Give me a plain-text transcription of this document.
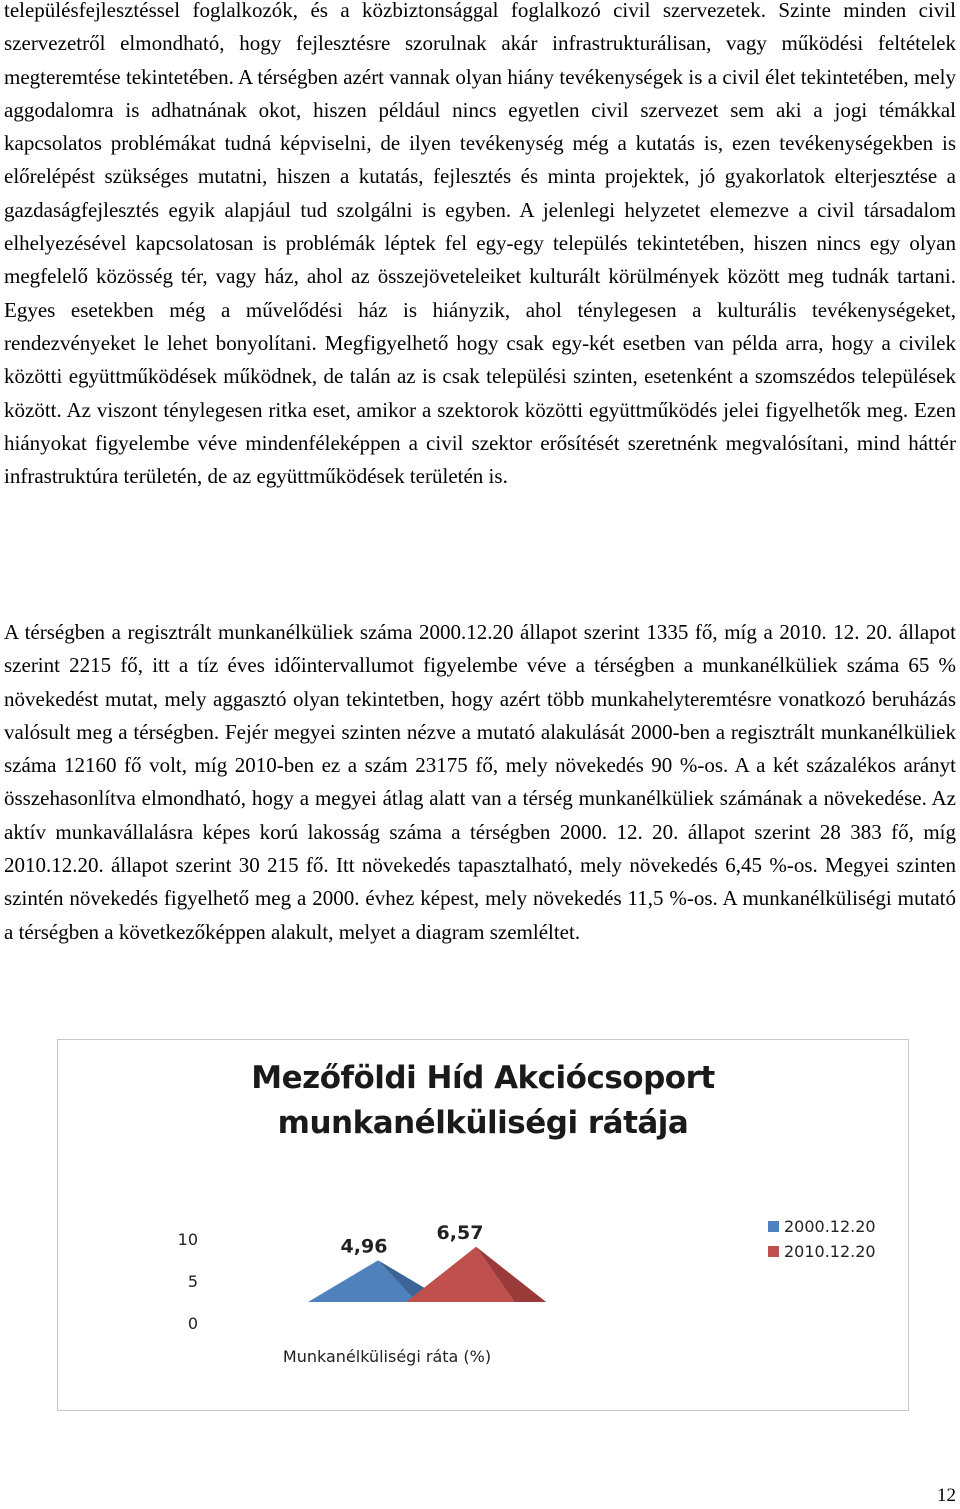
településfejlesztéssel foglalkozók, és a közbiztonsággal foglalkozó civil szervezetek. Szinte minden civil szervezetről elmondható, hogy fejlesztésre szorulnak akár infrastrukturálisan, vagy működési feltételek megteremtése tekintetében. A térségben azért vannak olyan hiány tevékenységek is a civil élet tekintetében, mely aggodalomra is adhatnának okot, hiszen például nincs egyetlen civil szervezet sem aki a jogi témákkal kapcsolatos problémákat tudná képviselni, de ilyen tevékenység még a kutatás is, ezen tevékenységekben is előrelépést szükséges mutatni, hiszen a kutatás, fejlesztés és minta projektek, jó gyakorlatok elterjesztése a gazdaságfejlesztés egyik alapjául tud szolgálni is egyben. A jelenlegi helyzetet elemezve a civil társadalom elhelyezésével kapcsolatosan is problémák léptek fel egy-egy település tekintetében, hiszen nincs egy olyan megfelelő közösség tér, vagy ház, ahol az összejöveteleiket kulturált körülmények között meg tudnák tartani. Egyes esetekben még a művelődési ház is hiányzik, ahol ténylegesen a kulturális tevékenységeket, rendezvényeket le lehet bonyolítani. Megfigyelhető hogy csak egy-két esetben van példa arra, hogy a civilek közötti együttműködések működnek, de talán az is csak települési szinten, esetenként a szomszédos települések között. Az viszont ténylegesen ritka eset, amikor a szektorok közötti együttműködés jelei figyelhetők meg. Ezen hiányokat figyelembe véve mindenféleképpen a civil szektor erősítését szeretnénk megvalósítani, mind háttér infrastruktúra területén, de az együttműködések területén is.

A térségben a regisztrált munkanélküliek száma 2000.12.20 állapot szerint 1335 fő, míg a 2010. 12. 20. állapot szerint 2215 fő, itt a tíz éves időintervallumot figyelembe véve a térségben a munkanélküliek száma 65 % növekedést mutat, mely aggasztó olyan tekintetben, hogy azért több munkahelyteremtésre vonatkozó beruházás valósult meg a térségben. Fejér megyei szinten nézve a mutató alakulását 2000-ben a regisztrált munkanélküliek száma 12160 fő volt, míg 2010-ben ez a szám 23175 fő, mely növekedés 90 %-os. A a két százalékos arányt összehasonlítva elmondható, hogy a megyei átlag alatt van a térség munkanélküliek számának a növekedése. Az aktív munkavállalásra képes korú lakosság száma a térségben 2000. 12. 20. állapot szerint 28 383 fő, míg 2010.12.20. állapot szerint 30 215 fő. Itt növekedés tapasztalható, mely növekedés 6,45 %-os. Megyei szinten szintén növekedés figyelhető meg a 2000. évhez képest, mely növekedés 11,5 %-os. A munkanélküliségi mutató a térségben a következőképpen alakult, melyet a diagram szemléltet.

Mezőföldi Híd Akciócsoport
munkanélküliségi rátája
0
5
10	4,96
6,57
Munkanélküliségi ráta (%)
2000.12.20
2010.12.20
12
